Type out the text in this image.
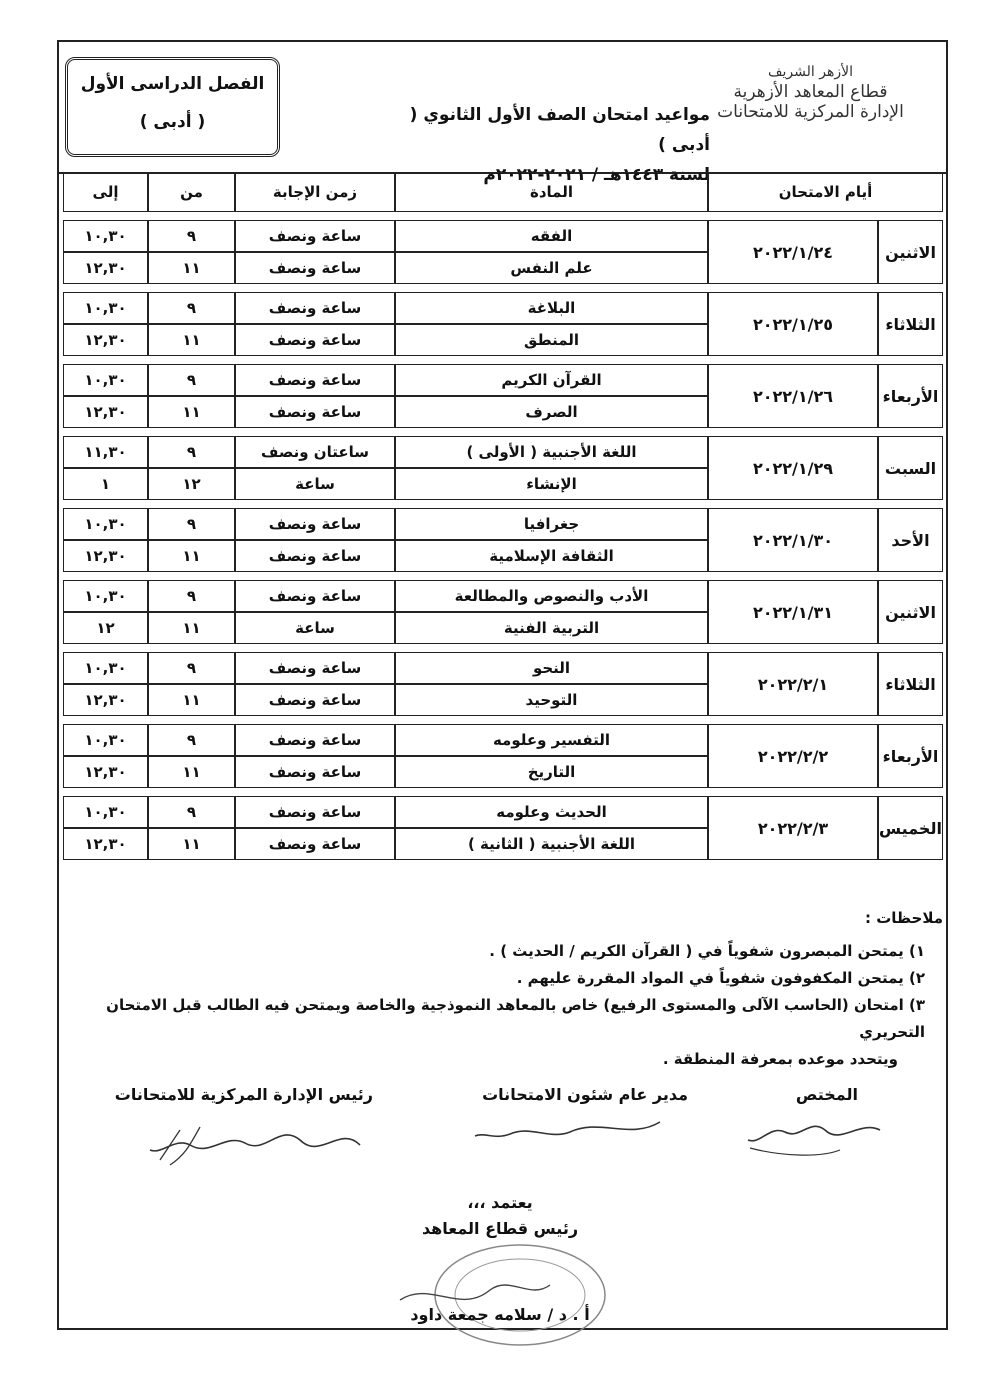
الأزهر الشريف
قطاع المعاهد الأزهرية
الإدارة المركزية للامتحانات
مواعيد امتحان الصف الأول الثانوي ( أدبى )
لسنة ١٤٤٣هـ / ٢٠٢١-٢٠٢٢م
الفصل الدراسى الأول
( أدبى )
أيام الامتحان		المادة	زمن الإجابة	من	إلى

الاثنين	٢٠٢٢/١/٢٤	الفقه	ساعة ونصف	٩	١٠,٣٠
		علم النفس	ساعة ونصف	١١	١٢,٣٠

الثلاثاء	٢٠٢٢/١/٢٥	البلاغة	ساعة ونصف	٩	١٠,٣٠
		المنطق	ساعة ونصف	١١	١٢,٣٠

الأربعاء	٢٠٢٢/١/٢٦	القرآن الكريم	ساعة ونصف	٩	١٠,٣٠
		الصرف	ساعة ونصف	١١	١٢,٣٠

السبت	٢٠٢٢/١/٢٩	اللغة الأجنبية ( الأولى )	ساعتان ونصف	٩	١١,٣٠
		الإنشاء	ساعة	١٢	١

الأحد	٢٠٢٢/١/٣٠	جغرافيا	ساعة ونصف	٩	١٠,٣٠
		الثقافة الإسلامية	ساعة ونصف	١١	١٢,٣٠

الاثنين	٢٠٢٢/١/٣١	الأدب والنصوص والمطالعة	ساعة ونصف	٩	١٠,٣٠
		التربية الفنية	ساعة	١١	١٢

الثلاثاء	٢٠٢٢/٢/١	النحو	ساعة ونصف	٩	١٠,٣٠
		التوحيد	ساعة ونصف	١١	١٢,٣٠

الأربعاء	٢٠٢٢/٢/٢	التفسير وعلومه	ساعة ونصف	٩	١٠,٣٠
		التاريخ	ساعة ونصف	١١	١٢,٣٠

الخميس	٢٠٢٢/٢/٣	الحديث وعلومه	ساعة ونصف	٩	١٠,٣٠
		اللغة الأجنبية ( الثانية )	ساعة ونصف	١١	١٢,٣٠
ملاحظات :
١) يمتحن المبصرون شفوياً في ( القرآن الكريم / الحديث ) .
٢) يمتحن المكفوفون شفوياً في المواد المقررة عليهم .
٣) امتحان (الحاسب الآلى والمستوى الرفيع) خاص بالمعاهد النموذجية والخاصة ويمتحن فيه الطالب قبل الامتحان التحريري
ويتحدد موعده بمعرفة المنطقة .
المختص
مدير عام شئون الامتحانات
رئيس الإدارة المركزية للامتحانات
يعتمد ،،،
رئيس قطاع المعاهد
أ . د / سلامه جمعة داود
